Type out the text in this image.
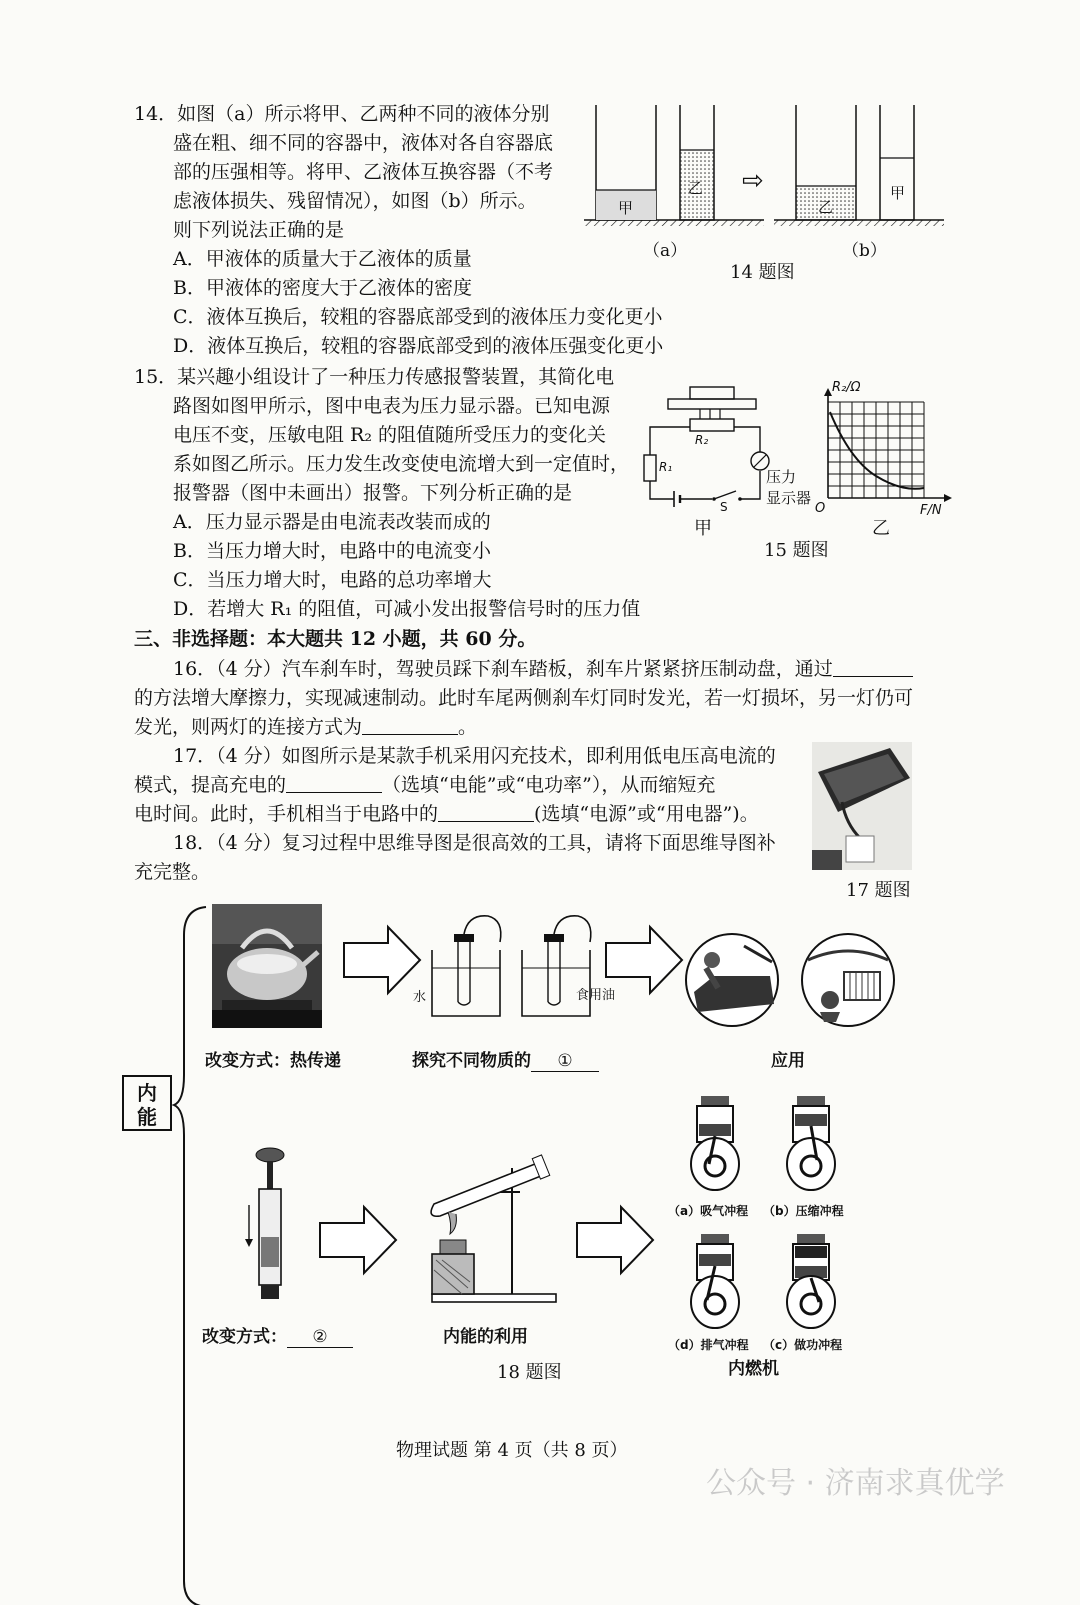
14．如图（a）所示将甲、乙两种不同的液体分别
盛在粗、细不同的容器中，液体对各自容器底
部的压强相等。将甲、乙液体互换容器（不考
虑液体损失、残留情况），如图（b）所示。
则下列说法正确的是
A．甲液体的质量大于乙液体的质量
B．甲液体的密度大于乙液体的密度
C．液体互换后，较粗的容器底部受到的液体压力变化更小
D．液体互换后，较粗的容器底部受到的液体压强变化更小
甲
乙 ⇨
乙
甲
（a）	（b）
14 题图
15．某兴趣小组设计了一种压力传感报警装置，其简化电
路图如图甲所示，图中电表为压力显示器。已知电源
电压不变，压敏电阻 R₂ 的阻值随所受压力的变化关
系如图乙所示。压力发生改变使电流增大到一定值时，
报警器（图中未画出）报警。下列分析正确的是
A．压力显示器是由电流表改装而成的
B．当压力增大时，电路中的电流变小
C．当压力增大时，电路的总功率增大
D．若增大 R₁ 的阻值，可减小发出报警信号时的压力值
R₂
R₁
S
压力
显示器
甲
R₂/Ω
O	F/N
乙
15 题图
三、非选择题：本大题共 12 小题，共 60 分。
16．（4 分）汽车刹车时，驾驶员踩下刹车踏板，刹车片紧紧挤压制动盘，通过
的方法增大摩擦力，实现减速制动。此时车尾两侧刹车灯同时发光，若一灯损坏，另一灯仍可
发光，则两灯的连接方式为	。
17．（4 分）如图所示是某款手机采用闪充技术，即利用低电压高电流的
模式，提高充电的	（选填“电能”或“电功率”），从而缩短充
电时间。此时，手机相当于电路中的	(选填“电源”或“用电器”)。
17 题图
18．（4 分）复习过程中思维导图是很高效的工具，请将下面思维导图补
充完整。
内
能
水	食用油
改变方式：热传递	探究不同物质的 ①	应用
（a）吸气冲程 （b）压缩冲程
（d）排气冲程 （c）做功冲程
内燃机
改变方式： ②	内能的利用
18 题图
物理试题 第 4 页（共 8 页）
公众号 · 济南求真优学
